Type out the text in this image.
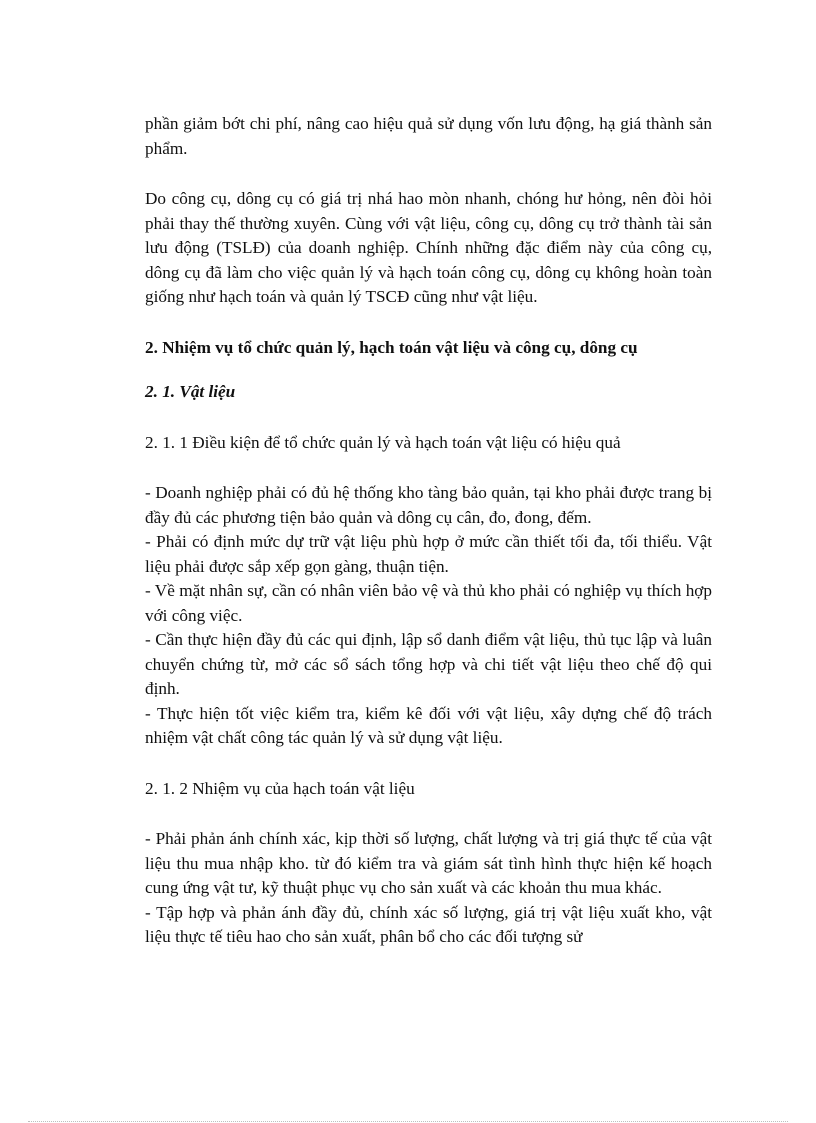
phần giảm bớt chi phí, nâng cao hiệu quả sử dụng vốn lưu động, hạ giá thành sản phẩm.

Do công cụ, dông cụ có giá trị nhá hao mòn nhanh, chóng hư hỏng, nên đòi hỏi phải thay thế thường xuyên. Cùng với vật liệu, công cụ, dông cụ trở thành tài sản lưu động (TSLĐ) của doanh nghiệp. Chính những đặc điểm này của công cụ, dông cụ đã làm cho việc quản lý và hạch toán công cụ, dông cụ không hoàn toàn giống như hạch toán và quản lý TSCĐ cũng như vật liệu.

2. Nhiệm vụ tổ chức quản lý, hạch toán vật liệu và công cụ, dông cụ

2. 1. Vật liệu

2. 1. 1 Điều kiện để tổ chức quản lý và hạch toán vật liệu có hiệu quả

- Doanh nghiệp phải có đủ hệ thống kho tàng bảo quản, tại kho phải được trang bị đầy đủ các phương tiện bảo quản và dông cụ cân, đo, đong, đếm.

- Phải có định mức dự trữ vật liệu phù hợp ở mức cần thiết tối đa, tối thiểu. Vật liệu phải được sắp xếp gọn gàng, thuận tiện.

- Về mặt nhân sự, cần có nhân viên bảo vệ và thủ kho phải có nghiệp vụ thích hợp với công việc.

- Cần thực hiện đầy đủ các qui định, lập sổ danh điểm vật liệu, thủ tục lập và luân chuyển chứng từ, mở các sổ sách tổng hợp và chi tiết vật liệu theo chế độ qui định.

- Thực hiện tốt việc kiểm tra, kiểm kê đối với vật liệu, xây dựng chế độ trách nhiệm vật chất công tác quản lý và sử dụng vật liệu.

2. 1. 2 Nhiệm vụ của hạch toán vật liệu

- Phải phản ánh chính xác, kịp thời số lượng, chất lượng và trị giá thực tế của vật liệu thu mua nhập kho. từ đó kiểm tra và giám sát tình hình thực hiện kế hoạch cung ứng vật tư, kỹ thuật phục vụ cho sản xuất và các khoản thu mua khác.

- Tập hợp và phản ánh đầy đủ, chính xác số lượng, giá trị vật liệu xuất kho, vật liệu thực tế tiêu hao cho sản xuất, phân bổ cho các đối tượng sử
